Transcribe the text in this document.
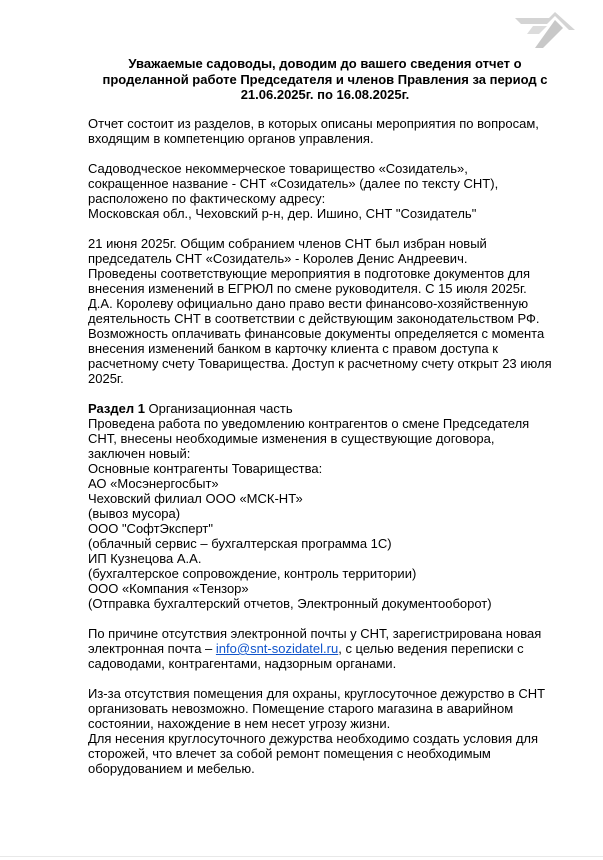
Уважаемые садоводы, доводим до вашего сведения отчет о
проделанной работе Председателя и членов Правления за период с
21.06.2025г. по 16.08.2025г.
Отчет состоит из разделов, в которых описаны мероприятия по вопросам,
входящим в компетенцию органов управления.
Садоводческое некоммерческое товарищество «Созидатель»,
сокращенное название - СНТ «Созидатель» (далее по тексту СНТ),
расположено по фактическому адресу:
Московская обл., Чеховский р-н, дер. Ишино, СНТ "Созидатель"
21 июня 2025г. Общим собранием членов СНТ был избран новый
председатель СНТ «Созидатель» - Королев Денис Андреевич.
Проведены соответствующие мероприятия в подготовке документов для
внесения изменений в ЕГРЮЛ по смене руководителя. С 15 июля 2025г.
Д.А. Королеву официально дано право вести финансово-хозяйственную
деятельность СНТ в соответствии с действующим законодательством РФ.
Возможность оплачивать финансовые документы определяется с момента
внесения изменений банком в карточку клиента с правом доступа к
расчетному счету Товарищества. Доступ к расчетному счету открыт 23 июля
2025г.
Раздел 1 Организационная часть
Проведена работа по уведомлению контрагентов о смене Председателя
СНТ, внесены необходимые изменения в существующие договора,
заключен новый:
Основные контрагенты Товарищества:
АО «Мосэнергосбыт»
Чеховский филиал ООО «МСК-НТ»
(вывоз мусора)
ООО "СофтЭксперт"
(облачный сервис – бухгалтерская программа 1С)
ИП Кузнецова А.А.
(бухгалтерское сопровождение, контроль территории)
ООО «Компания «Тензор»
(Отправка бухгалтерский отчетов, Электронный документооборот)
По причине отсутствия электронной почты у СНТ, зарегистрирована новая
электронная почта – info@snt-sozidatel.ru, с целью ведения переписки с
садоводами, контрагентами, надзорным органами.
Из-за отсутствия помещения для охраны, круглосуточное дежурство в СНТ
организовать невозможно. Помещение старого магазина в аварийном
состоянии, нахождение в нем несет угрозу жизни.
Для несения круглосуточного дежурства необходимо создать условия для
сторожей, что влечет за собой ремонт помещения с необходимым
оборудованием и мебелью.
